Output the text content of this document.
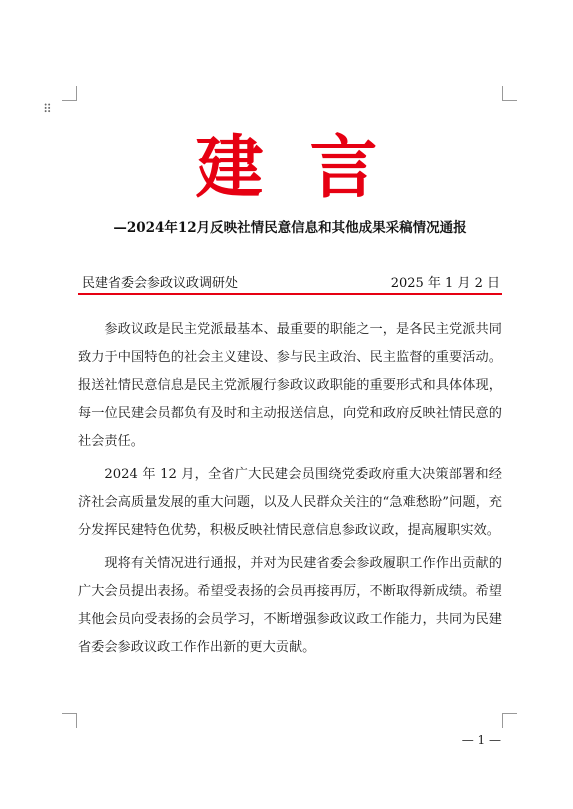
⠿
建言
—2024年12月反映社情民意信息和其他成果采稿情况通报
民建省委会参政议政调研处	2025 年 1 月 2 日

参政议政是民主党派最基本、最重要的职能之一，是各民主党派共同致力于中国特色的社会主义建设、参与民主政治、民主监督的重要活动。报送社情民意信息是民主党派履行参政议政职能的重要形式和具体体现，每一位民建会员都负有及时和主动报送信息，向党和政府反映社情民意的社会责任。

2024 年 12 月，全省广大民建会员围绕党委政府重大决策部署和经济社会高质量发展的重大问题，以及人民群众关注的“急难愁盼”问题，充分发挥民建特色优势，积极反映社情民意信息参政议政，提高履职实效。

现将有关情况进行通报，并对为民建省委会参政履职工作作出贡献的广大会员提出表扬。希望受表扬的会员再接再厉，不断取得新成绩。希望其他会员向受表扬的会员学习，不断增强参政议政工作能力，共同为民建省委会参政议政工作作出新的更大贡献。

— 1 —
